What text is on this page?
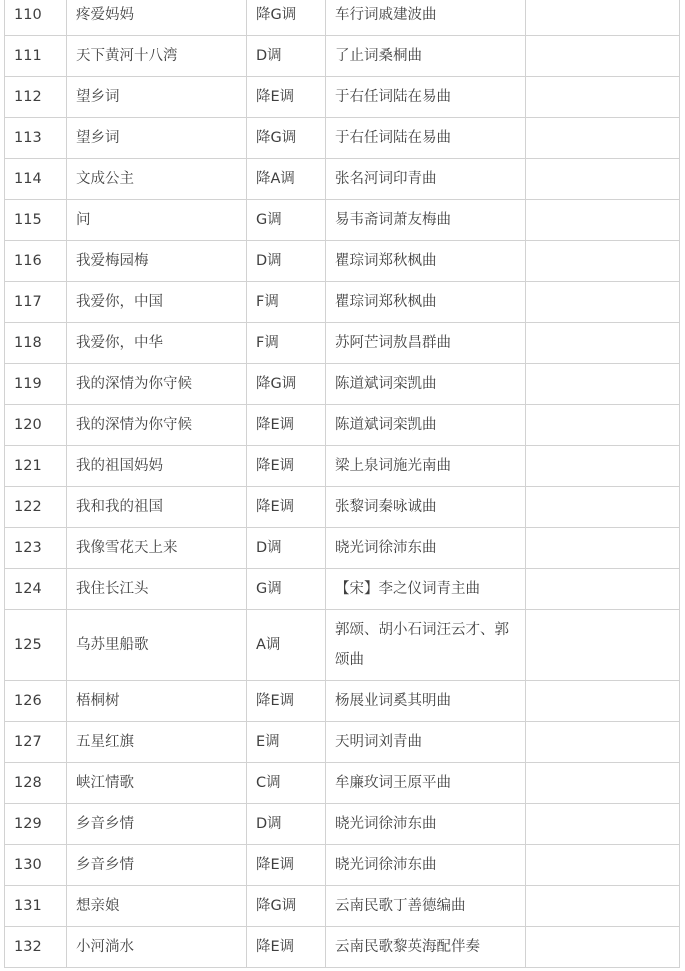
110	疼爱妈妈	降G调	车行词戚建波曲	
111	天下黄河十八湾	D调	了止词桑桐曲	
112	望乡词	降E调	于右任词陆在易曲	
113	望乡词	降G调	于右任词陆在易曲	
114	文成公主	降A调	张名河词印青曲	
115	问	G调	易韦斋词萧友梅曲	
116	我爱梅园梅	D调	瞿琮词郑秋枫曲	
117	我爱你，中国	F调	瞿琮词郑秋枫曲	
118	我爱你，中华	F调	苏阿芒词敖昌群曲	
119	我的深情为你守候	降G调	陈道斌词栾凯曲	
120	我的深情为你守候	降E调	陈道斌词栾凯曲	
121	我的祖国妈妈	降E调	梁上泉词施光南曲	
122	我和我的祖国	降E调	张黎词秦咏诚曲	
123	我像雪花天上来	D调	晓光词徐沛东曲	
124	我住长江头	G调	【宋】李之仪词青主曲	
125	乌苏里船歌	A调	郭颂、胡小石词汪云才、郭颂曲	
126	梧桐树	降E调	杨展业词奚其明曲	
127	五星红旗	E调	天明词刘青曲	
128	峡江情歌	C调	牟廉玫词王原平曲	
129	乡音乡情	D调	晓光词徐沛东曲	
130	乡音乡情	降E调	晓光词徐沛东曲	
131	想亲娘	降G调	云南民歌丁善德编曲	
132	小河淌水	降E调	云南民歌黎英海配伴奏	
